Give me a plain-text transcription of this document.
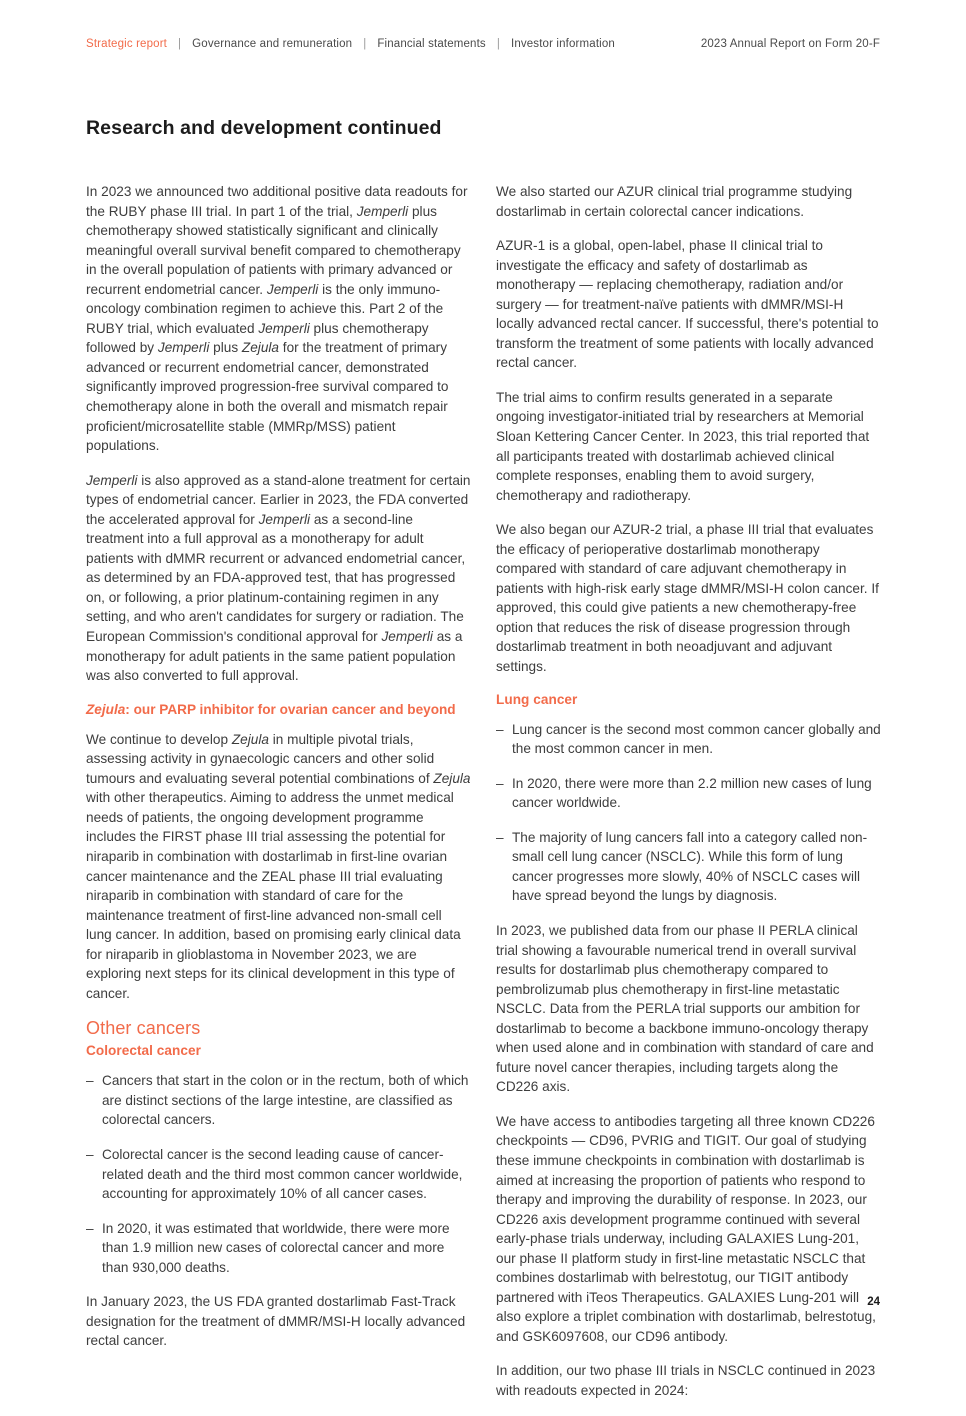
Strategic report | Governance and remuneration | Financial statements | Investor information	2023 Annual Report on Form 20-F
Research and development continued

In 2023 we announced two additional positive data readouts for the RUBY phase III trial. In part 1 of the trial, Jemperli plus chemotherapy showed statistically significant and clinically meaningful overall survival benefit compared to chemotherapy in the overall population of patients with primary advanced or recurrent endometrial cancer. Jemperli is the only immuno-oncology combination regimen to achieve this. Part 2 of the RUBY trial, which evaluated Jemperli plus chemotherapy followed by Jemperli plus Zejula for the treatment of primary advanced or recurrent endometrial cancer, demonstrated significantly improved progression-free survival compared to chemotherapy alone in both the overall and mismatch repair proficient/microsatellite stable (MMRp/MSS) patient populations.

Jemperli is also approved as a stand-alone treatment for certain types of endometrial cancer. Earlier in 2023, the FDA converted the accelerated approval for Jemperli as a second-line treatment into a full approval as a monotherapy for adult patients with dMMR recurrent or advanced endometrial cancer, as determined by an FDA-approved test, that has progressed on, or following, a prior platinum-containing regimen in any setting, and who aren't candidates for surgery or radiation. The European Commission's conditional approval for Jemperli as a monotherapy for adult patients in the same patient population was also converted to full approval.

Zejula: our PARP inhibitor for ovarian cancer and beyond

We continue to develop Zejula in multiple pivotal trials, assessing activity in gynaecologic cancers and other solid tumours and evaluating several potential combinations of Zejula with other therapeutics. Aiming to address the unmet medical needs of patients, the ongoing development programme includes the FIRST phase III trial assessing the potential for niraparib in combination with dostarlimab in first-line ovarian cancer maintenance and the ZEAL phase III trial evaluating niraparib in combination with standard of care for the maintenance treatment of first-line advanced non-small cell lung cancer. In addition, based on promising early clinical data for niraparib in glioblastoma in November 2023, we are exploring next steps for its clinical development in this type of cancer.

Other cancers
Colorectal cancer
– Cancers that start in the colon or in the rectum, both of which are distinct sections of the large intestine, are classified as colorectal cancers.
– Colorectal cancer is the second leading cause of cancer-related death and the third most common cancer worldwide, accounting for approximately 10% of all cancer cases.
– In 2020, it was estimated that worldwide, there were more than 1.9 million new cases of colorectal cancer and more than 930,000 deaths.

In January 2023, the US FDA granted dostarlimab Fast-Track designation for the treatment of dMMR/MSI-H locally advanced rectal cancer.

We also started our AZUR clinical trial programme studying dostarlimab in certain colorectal cancer indications.

AZUR-1 is a global, open-label, phase II clinical trial to investigate the efficacy and safety of dostarlimab as monotherapy — replacing chemotherapy, radiation and/or surgery — for treatment-naïve patients with dMMR/MSI-H locally advanced rectal cancer. If successful, there's potential to transform the treatment of some patients with locally advanced rectal cancer.

The trial aims to confirm results generated in a separate ongoing investigator-initiated trial by researchers at Memorial Sloan Kettering Cancer Center. In 2023, this trial reported that all participants treated with dostarlimab achieved clinical complete responses, enabling them to avoid surgery, chemotherapy and radiotherapy.

We also began our AZUR-2 trial, a phase III trial that evaluates the efficacy of perioperative dostarlimab monotherapy compared with standard of care adjuvant chemotherapy in patients with high-risk early stage dMMR/MSI-H colon cancer. If approved, this could give patients a new chemotherapy-free option that reduces the risk of disease progression through dostarlimab treatment in both neoadjuvant and adjuvant settings.

Lung cancer
– Lung cancer is the second most common cancer globally and the most common cancer in men.
– In 2020, there were more than 2.2 million new cases of lung cancer worldwide.
– The majority of lung cancers fall into a category called non-small cell lung cancer (NSCLC). While this form of lung cancer progresses more slowly, 40% of NSCLC cases will have spread beyond the lungs by diagnosis.

In 2023, we published data from our phase II PERLA clinical trial showing a favourable numerical trend in overall survival results for dostarlimab plus chemotherapy compared to pembrolizumab plus chemotherapy in first-line metastatic NSCLC. Data from the PERLA trial supports our ambition for dostarlimab to become a backbone immuno-oncology therapy when used alone and in combination with standard of care and future novel cancer therapies, including targets along the CD226 axis.

We have access to antibodies targeting all three known CD226 checkpoints — CD96, PVRIG and TIGIT. Our goal of studying these immune checkpoints in combination with dostarlimab is aimed at increasing the proportion of patients who respond to therapy and improving the durability of response. In 2023, our CD226 axis development programme continued with several early-phase trials underway, including GALAXIES Lung-201, our phase II platform study in first-line metastatic NSCLC that combines dostarlimab with belrestotug, our TIGIT antibody partnered with iTeos Therapeutics. GALAXIES Lung-201 will also explore a triplet combination with dostarlimab, belrestotug, and GSK6097608, our CD96 antibody.

In addition, our two phase III trials in NSCLC continued in 2023 with readouts expected in 2024:

24
